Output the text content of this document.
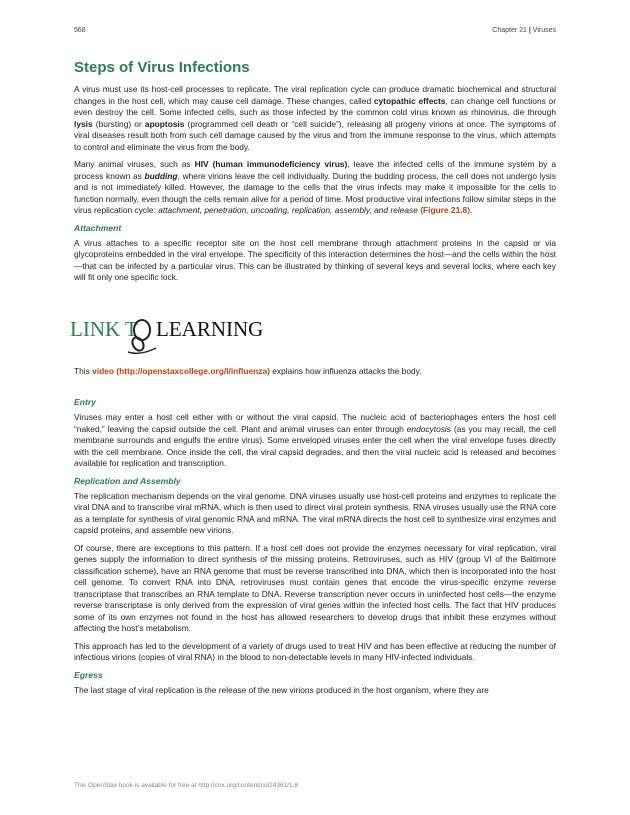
568	Chapter 21 | Viruses
Steps of Virus Infections

A virus must use its host-cell processes to replicate. The viral replication cycle can produce dramatic biochemical and structural changes in the host cell, which may cause cell damage. These changes, called cytopathic effects, can change cell functions or even destroy the cell. Some infected cells, such as those infected by the common cold virus known as rhinovirus, die through lysis (bursting) or apoptosis (programmed cell death or “cell suicide”), releasing all progeny virions at once. The symptoms of viral diseases result both from such cell damage caused by the virus and from the immune response to the virus, which attempts to control and eliminate the virus from the body.

Many animal viruses, such as HIV (human immunodeficiency virus), leave the infected cells of the immune system by a process known as budding, where virions leave the cell individually. During the budding process, the cell does not undergo lysis and is not immediately killed. However, the damage to the cells that the virus infects may make it impossible for the cells to function normally, even though the cells remain alive for a period of time. Most productive viral infections follow similar steps in the virus replication cycle: attachment, penetration, uncoating, replication, assembly, and release (Figure 21.8).

Attachment

A virus attaches to a specific receptor site on the host cell membrane through attachment proteins in the capsid or via glycoproteins embedded in the viral envelope. The specificity of this interaction determines the host—and the cells within the host—that can be infected by a particular virus. This can be illustrated by thinking of several keys and several locks, where each key will fit only one specific lock.

LINK T LEARNING

This video (http://openstaxcollege.org/l/influenza) explains how influenza attacks the body.

Entry

Viruses may enter a host cell either with or without the viral capsid. The nucleic acid of bacteriophages enters the host cell “naked,” leaving the capsid outside the cell. Plant and animal viruses can enter through endocytosis (as you may recall, the cell membrane surrounds and engulfs the entire virus). Some enveloped viruses enter the cell when the viral envelope fuses directly with the cell membrane. Once inside the cell, the viral capsid degrades, and then the viral nucleic acid is released and becomes available for replication and transcription.

Replication and Assembly

The replication mechanism depends on the viral genome. DNA viruses usually use host-cell proteins and enzymes to replicate the viral DNA and to transcribe viral mRNA, which is then used to direct viral protein synthesis. RNA viruses usually use the RNA core as a template for synthesis of viral genomic RNA and mRNA. The viral mRNA directs the host cell to synthesize viral enzymes and capsid proteins, and assemble new virions.

Of course, there are exceptions to this pattern. If a host cell does not provide the enzymes necessary for viral replication, viral genes supply the information to direct synthesis of the missing proteins. Retroviruses, such as HIV (group VI of the Baltimore classification scheme), have an RNA genome that must be reverse transcribed into DNA, which then is incorporated into the host cell genome. To convert RNA into DNA, retroviruses must contain genes that encode the virus-specific enzyme reverse transcriptase that transcribes an RNA template to DNA. Reverse transcription never occurs in uninfected host cells—the enzyme reverse transcriptase is only derived from the expression of viral genes within the infected host cells. The fact that HIV produces some of its own enzymes not found in the host has allowed researchers to develop drugs that inhibit these enzymes without affecting the host’s metabolism.

This approach has led to the development of a variety of drugs used to treat HIV and has been effective at reducing the number of infectious virions (copies of viral RNA) in the blood to non-detectable levels in many HIV-infected individuals.

Egress

The last stage of viral replication is the release of the new virions produced in the host organism, where they are

This OpenStax book is available for free at http://cnx.org/content/col24361/1.8
